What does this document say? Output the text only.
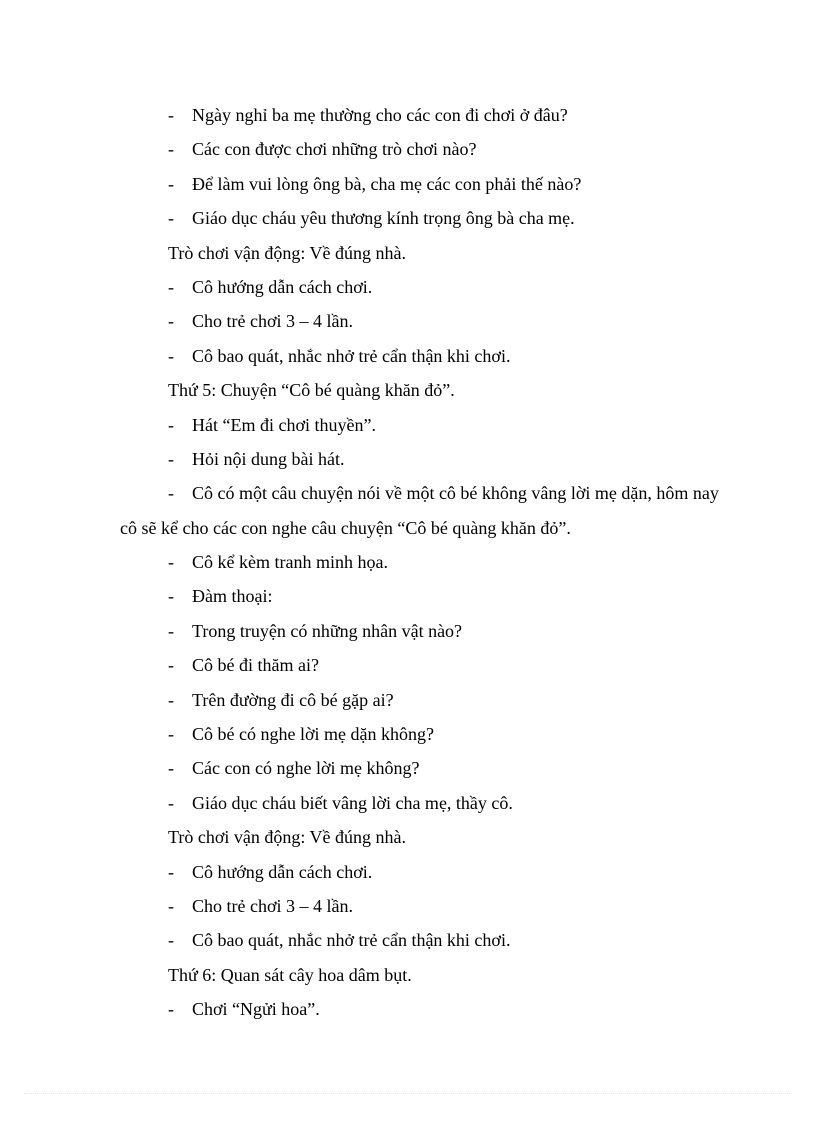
- Ngày nghỉ ba mẹ thường cho các con đi chơi ở đâu?
- Các con được chơi những trò chơi nào?
- Để làm vui lòng ông bà, cha mẹ các con phải thế nào?
- Giáo dục cháu yêu thương kính trọng ông bà cha mẹ.
Trò chơi vận động: Về đúng nhà.
- Cô hướng dẫn cách chơi.
- Cho trẻ chơi 3 – 4 lần.
- Cô bao quát, nhắc nhở trẻ cẩn thận khi chơi.
Thứ 5: Chuyện “Cô bé quàng khăn đỏ”.
- Hát “Em đi chơi thuyền”.
- Hỏi nội dung bài hát.
- Cô có một câu chuyện nói về một cô bé không vâng lời mẹ dặn, hôm nay
cô sẽ kể cho các con nghe câu chuyện “Cô bé quàng khăn đỏ”.
- Cô kể kèm tranh minh họa.
- Đàm thoại:
- Trong truyện có những nhân vật nào?
- Cô bé đi thăm ai?
- Trên đường đi cô bé gặp ai?
- Cô bé có nghe lời mẹ dặn không?
- Các con có nghe lời mẹ không?
- Giáo dục cháu biết vâng lời cha mẹ, thầy cô.
Trò chơi vận động: Về đúng nhà.
- Cô hướng dẫn cách chơi.
- Cho trẻ chơi 3 – 4 lần.
- Cô bao quát, nhắc nhở trẻ cẩn thận khi chơi.
Thứ 6: Quan sát cây hoa dâm bụt.
- Chơi “Ngửi hoa”.
